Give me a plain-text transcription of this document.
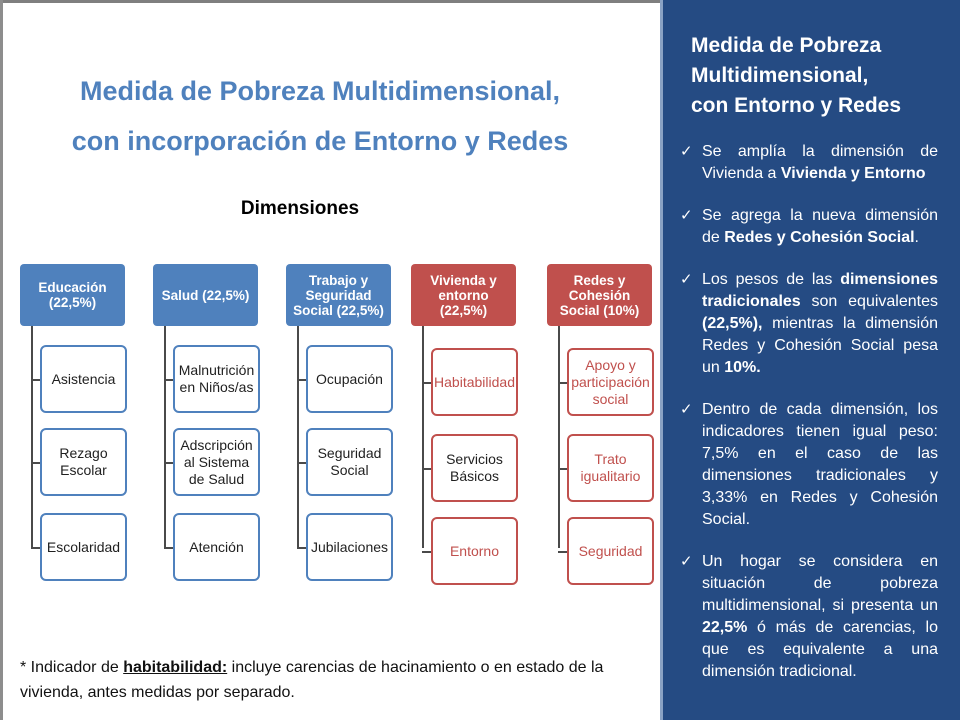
Medida de Pobreza Multidimensional,
con incorporación de Entorno y Redes
Dimensiones
Educación (22,5%)
Asistencia
Rezago Escolar
Escolaridad
Salud (22,5%)
Malnutrición en Niños/as
Adscripción al Sistema de Salud
Atención
Trabajo y Seguridad Social (22,5%)
Ocupación
Seguridad Social
Jubilaciones
Vivienda y entorno (22,5%)
Habitabilidad
Servicios Básicos
Entorno
Redes y Cohesión Social (10%)
Apoyo y participación social
Trato igualitario
Seguridad
* Indicador de habitabilidad: incluye carencias de hacinamiento o en estado de la vivienda, antes medidas por separado.
Medida de Pobreza
Multidimensional,
con Entorno y Redes
✓ Se amplía la dimensión de Vivienda a Vivienda y Entorno
✓ Se agrega la nueva dimensión de Redes y Cohesión Social.
✓ Los pesos de las dimensiones tradicionales son equivalentes (22,5%), mientras la dimensión Redes y Cohesión Social pesa un 10%.
✓ Dentro de cada dimensión, los indicadores tienen igual peso: 7,5% en el caso de las dimensiones tradicionales y 3,33% en Redes y Cohesión Social.
✓ Un hogar se considera en situación de pobreza multidimensional, si presenta un 22,5% ó más de carencias, lo que es equivalente a una dimensión tradicional.
